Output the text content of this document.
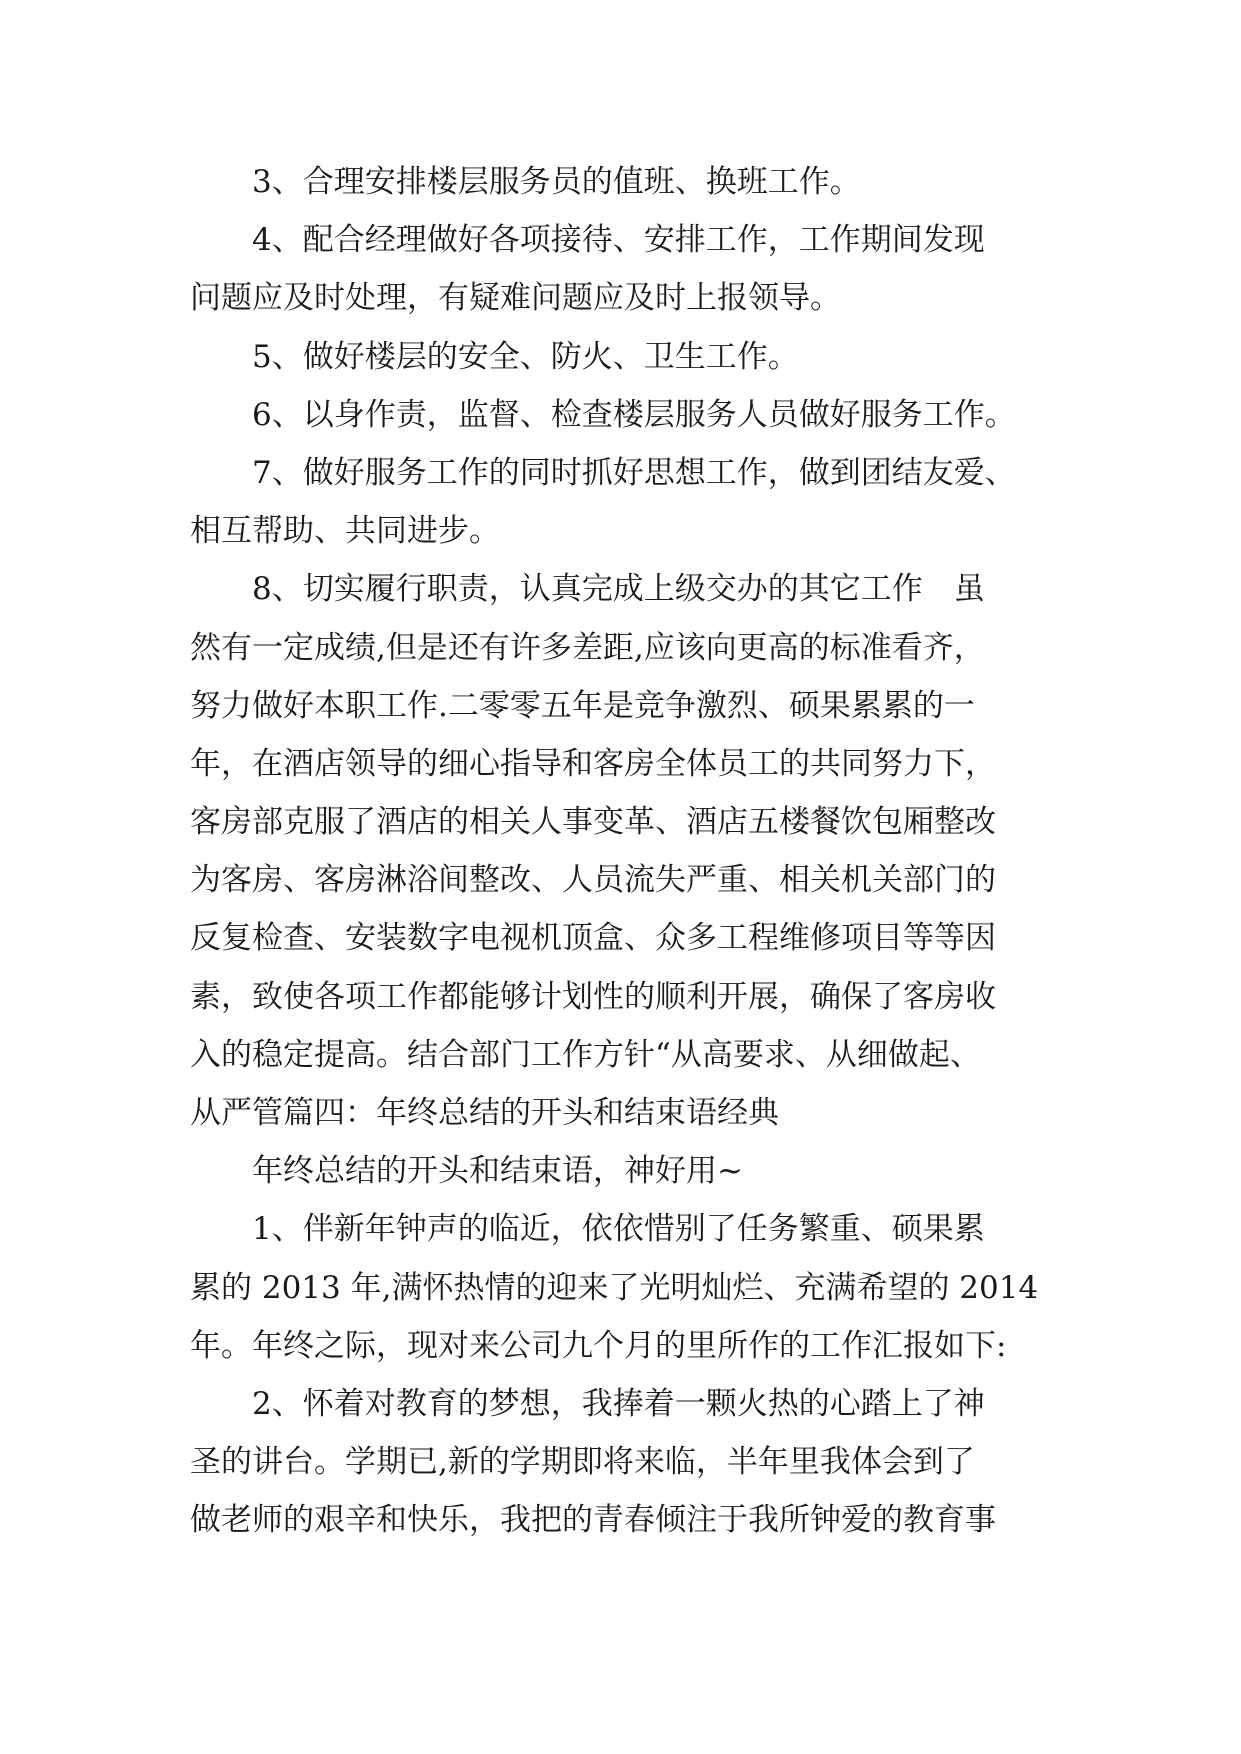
3、合理安排楼层服务员的值班、换班工作。
4、配合经理做好各项接待、安排工作，工作期间发现
问题应及时处理，有疑难问题应及时上报领导。
5、做好楼层的安全、防火、卫生工作。
6、以身作责，监督、检查楼层服务人员做好服务工作。
7、做好服务工作的同时抓好思想工作，做到团结友爱、
相互帮助、共同进步。
8、切实履行职责，认真完成上级交办的其它工作　虽
然有一定成绩,但是还有许多差距,应该向更高的标准看齐，
努力做好本职工作.二零零五年是竞争激烈、硕果累累的一
年，在酒店领导的细心指导和客房全体员工的共同努力下，
客房部克服了酒店的相关人事变革、酒店五楼餐饮包厢整改
为客房、客房淋浴间整改、人员流失严重、相关机关部门的
反复检查、安装数字电视机顶盒、众多工程维修项目等等因
素，致使各项工作都能够计划性的顺利开展，确保了客房收
入的稳定提高。结合部门工作方针“从高要求、从细做起、
从严管篇四：年终总结的开头和结束语经典
年终总结的开头和结束语，神好用~
1、伴新年钟声的临近，依依惜别了任务繁重、硕果累
累的 2013 年,满怀热情的迎来了光明灿烂、充满希望的 2014
年。年终之际，现对来公司九个月的里所作的工作汇报如下:
2、怀着对教育的梦想，我捧着一颗火热的心踏上了神
圣的讲台。学期已,新的学期即将来临，半年里我体会到了
做老师的艰辛和快乐，我把的青春倾注于我所钟爱的教育事
